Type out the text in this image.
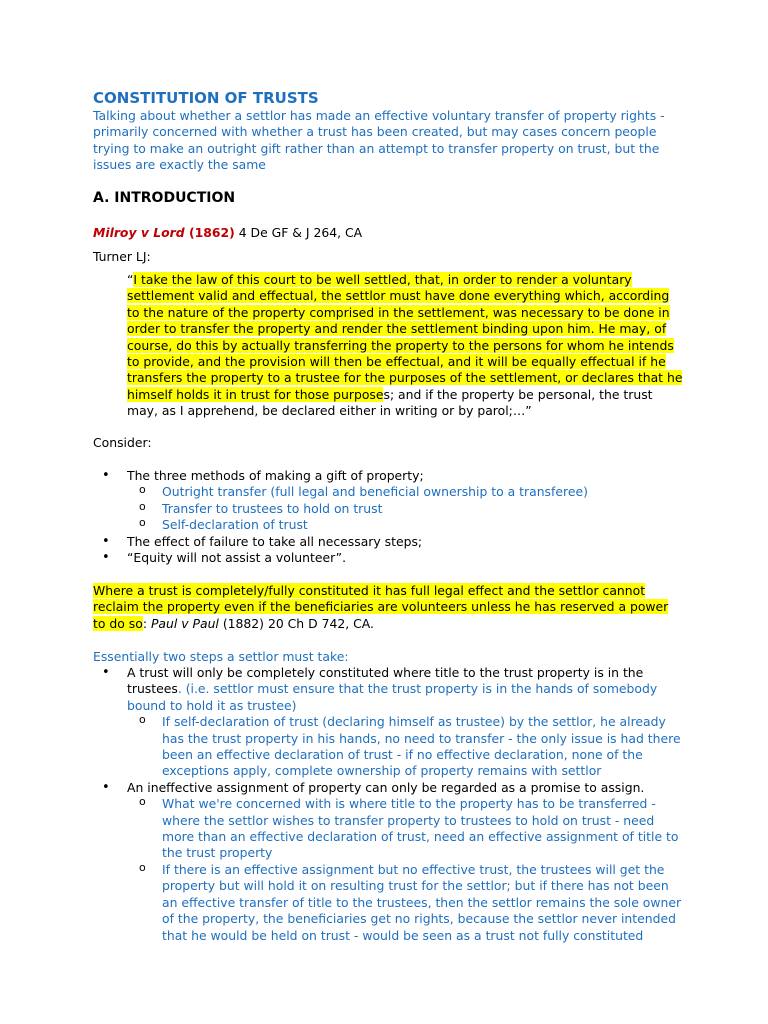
CONSTITUTION OF TRUSTS
Talking about whether a settlor has made an effective voluntary transfer of property rights - primarily concerned with whether a trust has been created, but may cases concern people trying to make an outright gift rather than an attempt to transfer property on trust, but the issues are exactly the same
A. INTRODUCTION
Milroy v Lord (1862) 4 De GF & J 264, CA
Turner LJ:
“I take the law of this court to be well settled, that, in order to render a voluntary settlement valid and effectual, the settlor must have done everything which, according to the nature of the property comprised in the settlement, was necessary to be done in order to transfer the property and render the settlement binding upon him. He may, of course, do this by actually transferring the property to the persons for whom he intends to provide, and the provision will then be effectual, and it will be equally effectual if he transfers the property to a trustee for the purposes of the settlement, or declares that he himself holds it in trust for those purposes; and if the property be personal, the trust may, as I apprehend, be declared either in writing or by parol;…”
Consider:
• The three methods of making a gift of property;
o Outright transfer (full legal and beneficial ownership to a transferee)
o Transfer to trustees to hold on trust
o Self-declaration of trust
• The effect of failure to take all necessary steps;
• “Equity will not assist a volunteer”.
Where a trust is completely/fully constituted it has full legal effect and the settlor cannot reclaim the property even if the beneficiaries are volunteers unless he has reserved a power to do so: Paul v Paul (1882) 20 Ch D 742, CA.
Essentially two steps a settlor must take:
• A trust will only be completely constituted where title to the trust property is in the trustees. (i.e. settlor must ensure that the trust property is in the hands of somebody bound to hold it as trustee)
o If self-declaration of trust (declaring himself as trustee) by the settlor, he already has the trust property in his hands, no need to transfer - the only issue is had there been an effective declaration of trust - if no effective declaration, none of the exceptions apply, complete ownership of property remains with settlor
• An ineffective assignment of property can only be regarded as a promise to assign.
o What we're concerned with is where title to the property has to be transferred - where the settlor wishes to transfer property to trustees to hold on trust - need more than an effective declaration of trust, need an effective assignment of title to the trust property
o If there is an effective assignment but no effective trust, the trustees will get the property but will hold it on resulting trust for the settlor; but if there has not been an effective transfer of title to the trustees, then the settlor remains the sole owner of the property, the beneficiaries get no rights, because the settlor never intended that he would be held on trust - would be seen as a trust not fully constituted
